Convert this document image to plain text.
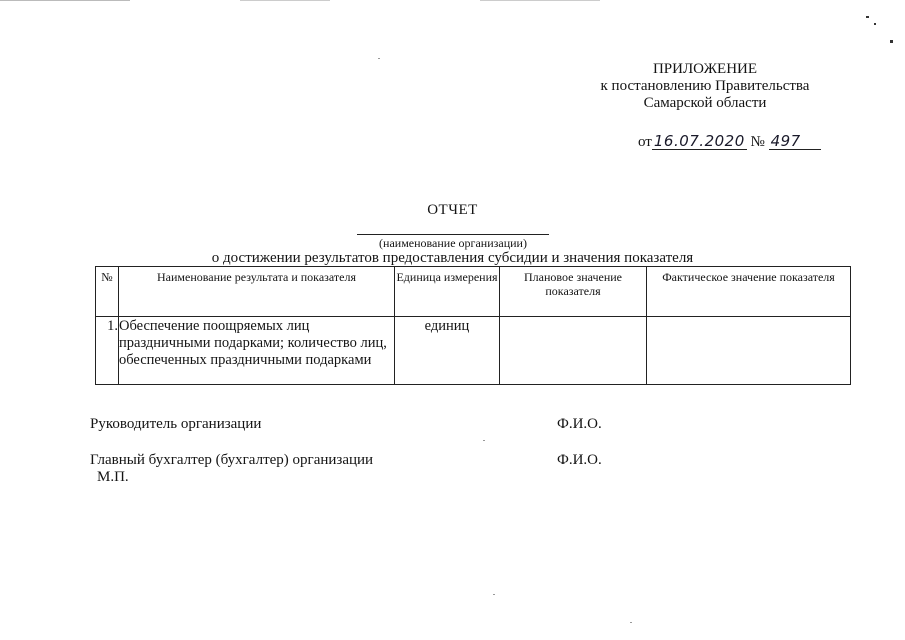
ПРИЛОЖЕНИЕ
к постановлению Правительства
Самарской области
от 16.07.2020 № 497
ОТЧЕТ
(наименование организации)
о достижении результатов предоставления субсидии и значения показателя
№	Наименование результата и показателя	Единица измерения	Плановое значение показателя	Фактическое значение показателя
1.	Обеспечение поощряемых лиц праздничными подарками; количество лиц, обеспеченных праздничными подарками	единиц		
Руководитель организации	Ф.И.О.
Главный бухгалтер (бухгалтер) организации	Ф.И.О.
М.П.
